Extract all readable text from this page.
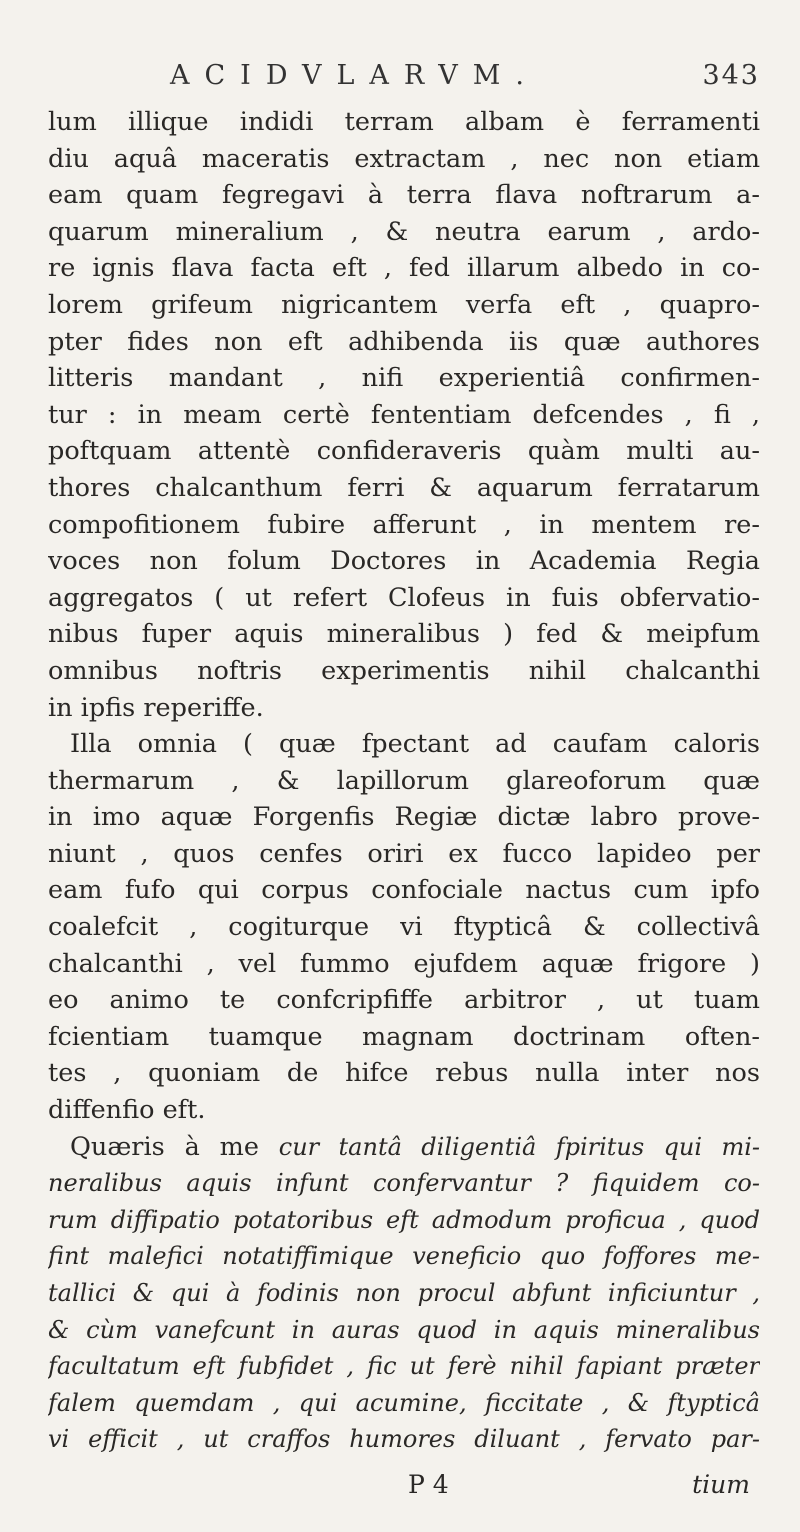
ACIDVLARVM.	343
lum illique indidi terram albam è ferramenti
diu aquâ maceratis extractam , nec non etiam
eam quam fegregavi à terra flava noftrarum a-
quarum mineralium , & neutra earum , ardo-
re ignis flava facta eft , fed illarum albedo in co-
lorem grifeum nigricantem verfa eft , quapro-
pter fides non eft adhibenda iis quæ authores
litteris mandant , nifi experientiâ confirmen-
tur : in meam certè fententiam defcendes , fi ,
poftquam attentè confideraveris quàm multi au-
thores chalcanthum ferri & aquarum ferratarum
compofitionem fubire afferunt , in mentem re-
voces non folum Doctores in Academia Regia
aggregatos ( ut refert Clofeus in fuis obfervatio-
nibus fuper aquis mineralibus ) fed & meipfum
omnibus noftris experimentis nihil chalcanthi
in ipfis reperiffe.
Illa omnia ( quæ fpectant ad caufam caloris
thermarum , & lapillorum glareoforum quæ
in imo aquæ Forgenfis Regiæ dictæ labro prove-
niunt , quos cenfes oriri ex fucco lapideo per
eam fufo qui corpus confociale nactus cum ipfo
coalefcit , cogiturque vi ftypticâ & collectivâ
chalcanthi , vel fummo ejufdem aquæ frigore )
eo animo te confcripfiffe arbitror , ut tuam
fcientiam tuamque magnam doctrinam often-
tes , quoniam de hifce rebus nulla inter nos
diffenfio eft.
Quæris à me cur tantâ diligentiâ fpiritus qui mi-
neralibus aquis infunt confervantur ? fiquidem co-
rum diffipatio potatoribus eft admodum proficua , quod
fint malefici notatiffimique veneficio quo foffores me-
tallici & qui à fodinis non procul abfunt inficiuntur ,
& cùm vanefcunt in auras quod in aquis mineralibus
facultatum eft fubfidet , fic ut ferè nihil fapiant præter
falem quemdam , qui acumine, ficcitate , & ftypticâ
vi efficit , ut craffos humores diluant , fervato par-
P 4	tium
